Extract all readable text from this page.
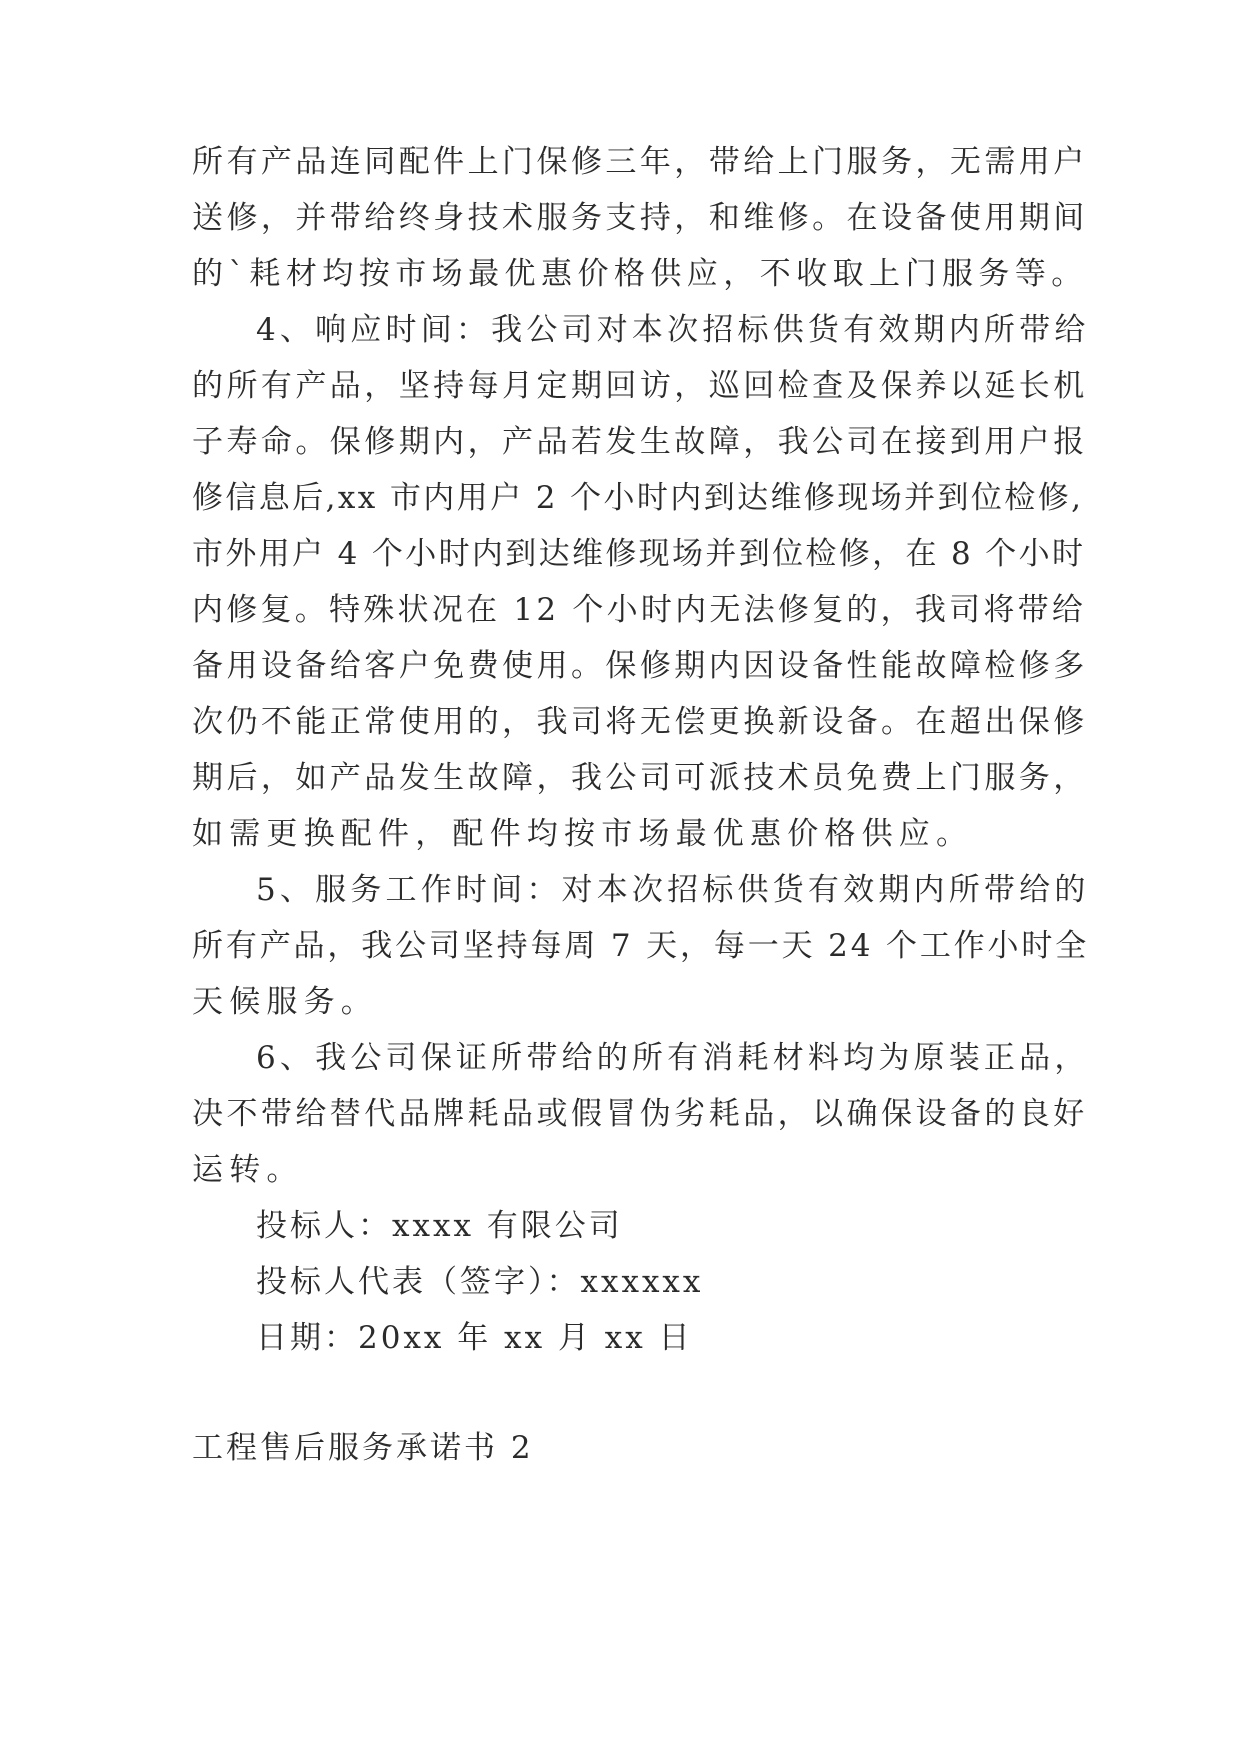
所有产品连同配件上门保修三年，带给上门服务，无需用户
送修，并带给终身技术服务支持，和维修。在设备使用期间
的`耗材均按市场最优惠价格供应，不收取上门服务等。
4、响应时间：我公司对本次招标供货有效期内所带给
的所有产品，坚持每月定期回访，巡回检查及保养以延长机
子寿命。保修期内，产品若发生故障，我公司在接到用户报
修信息后,xx 市内用户 2 个小时内到达维修现场并到位检修,
市外用户 4 个小时内到达维修现场并到位检修，在 8 个小时
内修复。特殊状况在 12 个小时内无法修复的，我司将带给
备用设备给客户免费使用。保修期内因设备性能故障检修多
次仍不能正常使用的，我司将无偿更换新设备。在超出保修
期后，如产品发生故障，我公司可派技术员免费上门服务，
如需更换配件，配件均按市场最优惠价格供应。
5、服务工作时间：对本次招标供货有效期内所带给的
所有产品，我公司坚持每周 7 天，每一天 24 个工作小时全
天候服务。
6、我公司保证所带给的所有消耗材料均为原装正品，
决不带给替代品牌耗品或假冒伪劣耗品，以确保设备的良好
运转。
投标人：xxxx 有限公司
投标人代表（签字）：xxxxxx
日期：20xx 年 xx 月 xx 日
工程售后服务承诺书 2
